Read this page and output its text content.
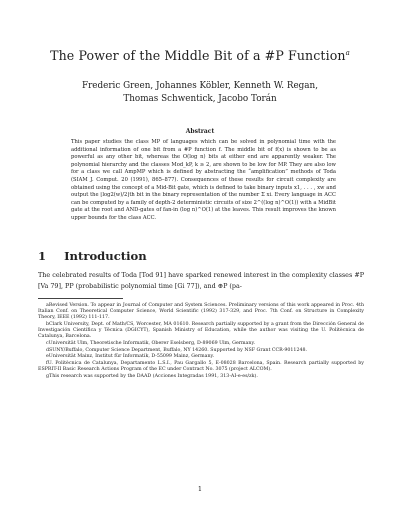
The Power of the Middle Bit of a #P Function$^a$
Frederic Green, Johannes Köbler, Kenneth W. Regan,
Thomas Schwentick, Jacobo Torán
Abstract
This paper studies the class MP of languages which can be solved in polynomial time with the additional information of one bit from a #P function f. The middle bit of f(x) is shown to be as powerful as any other bit, whereas the O(log n) bits at either end are apparently weaker. The polynomial hierarchy and the classes Mod_kP, k ≥ 2, are shown to be low for MP. They are also low for a class we call AmpMP which is defined by abstracting the “amplification” methods of Toda (SIAM J. Comput. 20 (1991), 865–877). Consequences of these results for circuit complexity are obtained using the concept of a Mid-Bit gate, which is defined to take binary inputs x1, . . . , xw and output the ⌊log2(w)/2⌋th bit in the binary representation of the number Σ xi. Every language in ACC can be computed by a family of depth-2 deterministic circuits of size 2^((log n)^O(1)) with a MidBit gate at the root and AND-gates of fan-in (log n)^O(1) at the leaves. This result improves the known upper bounds for the class ACC.
1 Introduction
The celebrated results of Toda [Tod 91] have sparked renewed interest in the complexity classes #P [Va 79], PP (probabilistic polynomial time [Gi 77]), and ⊕P (pa-

aRevised Version. To appear in Journal of Computer and System Sciences. Preliminary versions of this work appeared in Proc. 4th Italian Conf. on Theoretical Computer Science, World Scientific (1992) 317-329, and Proc. 7th Conf. on Structure in Complexity Theory, IEEE (1992) 111-117.

bClark University, Dept. of Math/CS, Worcester, MA 01610. Research partially supported by a grant from the Dirección General de Investigación Científica y Técnica (DGICYT), Spanish Ministry of Education, while the author was visiting the U. Politècnica de Catalunya, Barcelona.

cUniversität Ulm, Theoretische Informatik, Oberer Eselsberg, D-89069 Ulm, Germany.

dSUNY/Buffalo, Computer Science Department, Buffalo, NY 14260. Supported by NSF Grant CCR-9011248.

eUniversität Mainz, Institut für Informatik, D-55099 Mainz, Germany.

fU. Politècnica de Catalunya, Departamento L.S.I., Pau Gargallo 5, E-08028 Barcelona, Spain. Research partially supported by ESPRIT-II Basic Research Actions Program of the EC under Contract No. 3075 (project ALCOM).

gThis research was supported by the DAAD (Acciones Integradas 1991, 313-AI-e-es/zk).

1
